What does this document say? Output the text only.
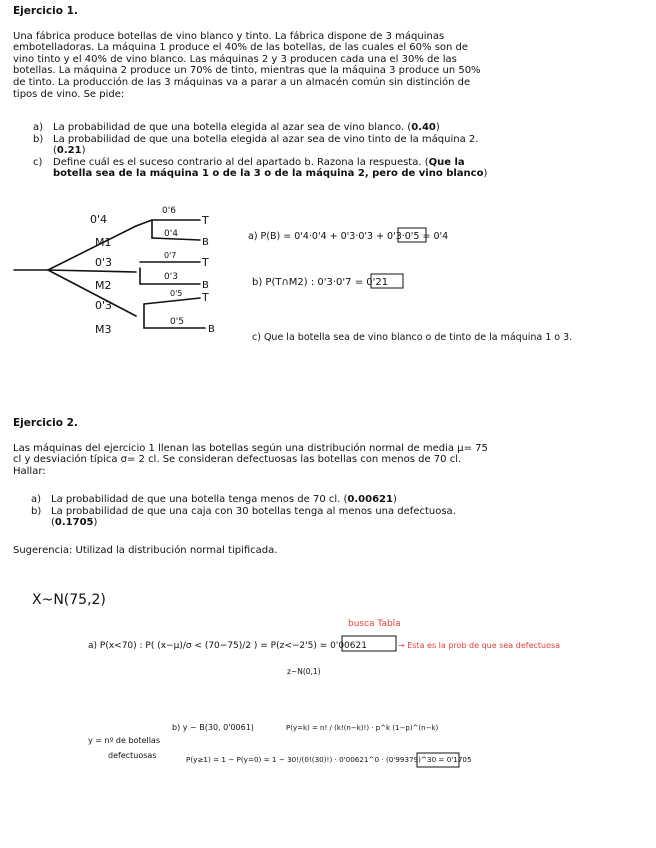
Ejercicio 1.

Una fábrica produce botellas de vino blanco y tinto. La fábrica dispone de 3 máquinas

embotelladoras. La máquina 1 produce el 40% de las botellas, de las cuales el 60% son de

vino tinto y el 40% de vino blanco. Las máquinas 2 y 3 producen cada una el 30% de las

botellas. La máquina 2 produce un 70% de tinto, mientras que la máquina 3 produce un 50%

de tinto. La producción de las 3 máquinas va a parar a un almacén común sin distinción de

tipos de vino. Se pide:

a) La probabilidad de que una botella elegida al azar sea de vino blanco. (0.40)
b) La probabilidad de que una botella elegida al azar sea de vino tinto de la máquina 2.
(0.21)
c) Define cuál es el suceso contrario al del apartado b. Razona la respuesta. (Que la
botella sea de la máquina 1 o de la 3 o de la máquina 2, pero de vino blanco)
0'4
M1
0'3
M2
0'3
M3
0'6
0'4
0'7
0'3
0'5
0'5
T
B
T
B
T
B
a) P(B) = 0'4·0'4 + 0'3·0'3 + 0'3·0'5 = 0'4
b) P(T∩M2) : 0'3·0'7 = 0'21
c) Que la botella sea de vino blanco o de tinto de la máquina 1 o 3.
Ejercicio 2.

Las máquinas del ejercicio 1 llenan las botellas según una distribución normal de media μ= 75

cl y desviación típica σ= 2 cl. Se consideran defectuosas las botellas con menos de 70 cl.

Hallar:

a) La probabilidad de que una botella tenga menos de 70 cl. (0.00621)
b) La probabilidad de que una caja con 30 botellas tenga al menos una defectuosa.
(0.1705)
Sugerencia: Utilizad la distribución normal tipificada.
X~N(75,2)
a) P(x<70) : P( (x−μ)/σ < (70−75)/2 ) = P(z<−2'5) = 0'00621
z~N(0,1)
y = nº de botellas
defectuosas
b) y ~ B(30, 0'0061)	P(y=k) = n! / (k!(n−k)!) · p^k (1−p)^(n−k)
P(y≥1) = 1 − P(y=0) = 1 − 30!/(0!(30)!) · 0'00621^0 · (0'99379)^30 = 0'1705
busca Tabla
→ Esta es la prob de que sea defectuosa
